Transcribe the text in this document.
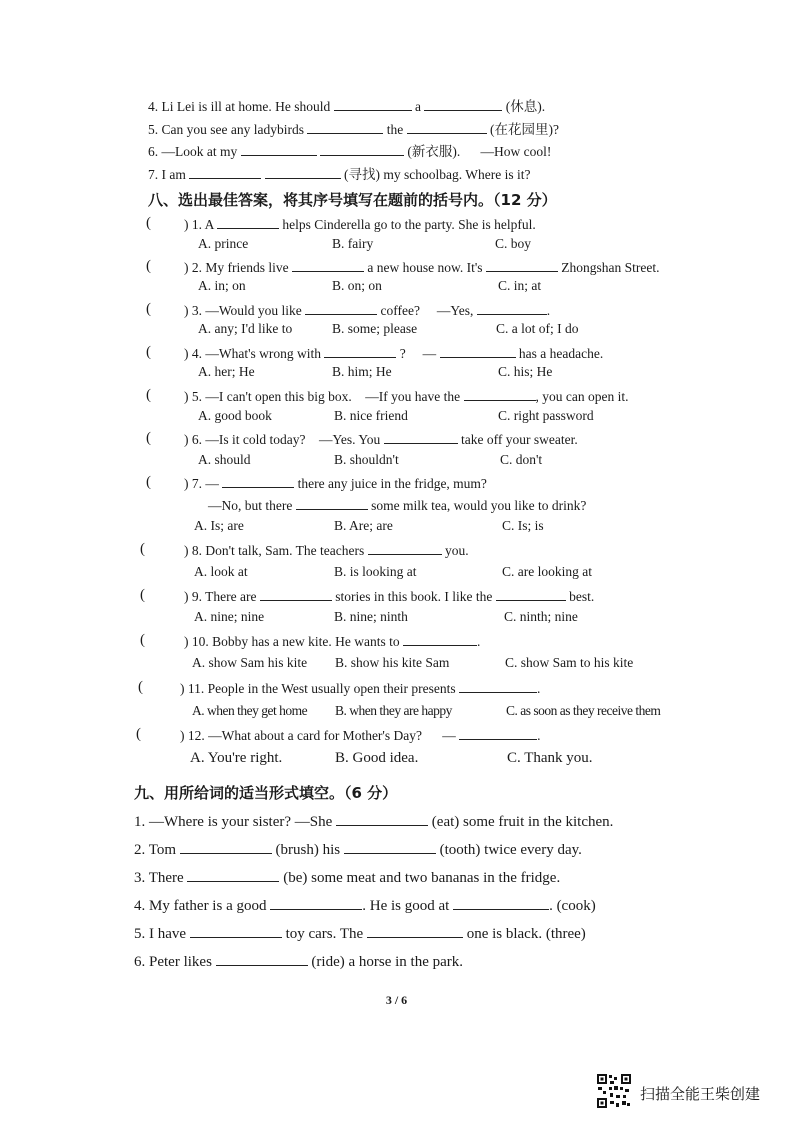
4. Li Lei is ill at home. He should	a	(休息).
5. Can you see any ladybirds	the	(在花园里)?
6. —Look at my	(新衣服). —How cool!
7. I am	(寻找) my schoolbag. Where is it?
八、选出最佳答案，将其序号填写在题前的括号内。（12 分）
( ) 1. A	helps Cinderella go to the party. She is helpful.
A. prince	B. fairy	C. boy
( ) 2. My friends live	a new house now. It's	Zhongshan Street.
A. in; on	B. on; on	C. in; at
( ) 3. —Would you like	coffee? —Yes,	.
A. any; I'd like to	B. some; please	C. a lot of; I do
( ) 4. —What's wrong with	? —	has a headache.
A. her; He	B. him; He	C. his; He
( ) 5. —I can't open this big box. —If you have the	, you can open it.
A. good book	B. nice friend	C. right password
( ) 6. —Is it cold today? —Yes. You	take off your sweater.
A. should	B. shouldn't	C. don't
( ) 7. —	there any juice in the fridge, mum?
—No, but there	some milk tea, would you like to drink?
A. Is; are	B. Are; are	C. Is; is
(	) 8. Don't talk, Sam. The teachers	you.
A. look at	B. is looking at	C. are looking at
(	) 9. There are	stories in this book. I like the	best.
A. nine; nine	B. nine; ninth	C. ninth; nine
(	) 10. Bobby has a new kite. He wants to	.
A. show Sam his kite B. show his kite Sam	C. show Sam to his kite
(	) 11. People in the West usually open their presents	.
A. when they get home B. when they are happy	C. as soon as they receive them
(	) 12. —What about a card for Mother's Day? —	.
A. You're right.	B. Good idea.	C. Thank you.
九、用所给词的适当形式填空。（6 分）
1. —Where is your sister? —She	(eat) some fruit in the kitchen.
2. Tom	(brush) his	(tooth) twice every day.
3. There	(be) some meat and two bananas in the fridge.
4. My father is a good	. He is good at	. (cook)
5. I have	toy cars. The	one is black. (three)
6. Peter likes	(ride) a horse in the park.
3 / 6
扫描全能王柴创建
